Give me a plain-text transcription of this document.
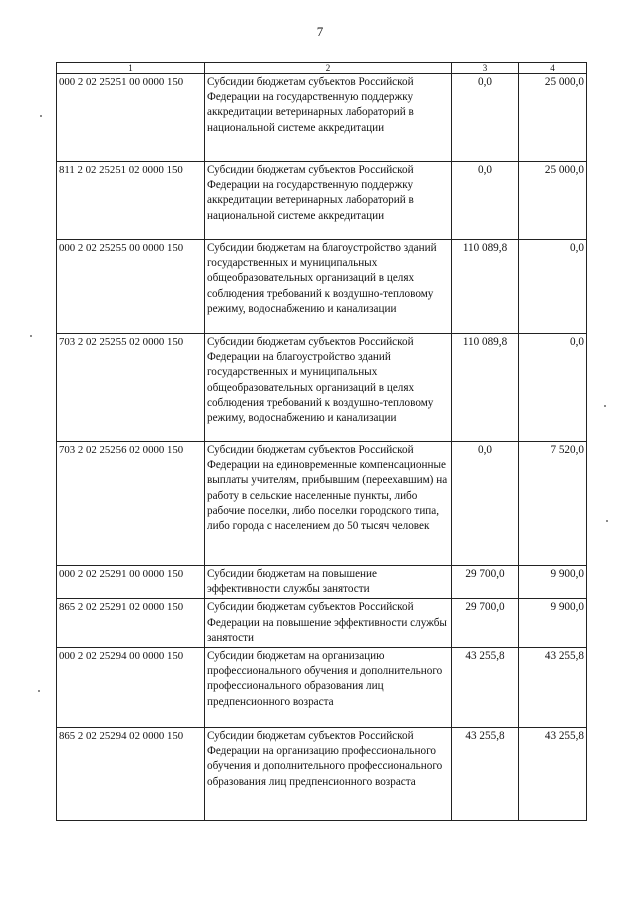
7
1	2	3	4
000 2 02 25251 00 0000 150	Субсидии бюджетам субъектов Российской Федерации на государственную поддержку аккредитации ветеринарных лабораторий в национальной системе аккредитации	0,0	25 000,0
811 2 02 25251 02 0000 150	Субсидии бюджетам субъектов Российской Федерации на государственную поддержку аккредитации ветеринарных лабораторий в национальной системе аккредитации	0,0	25 000,0
000 2 02 25255 00 0000 150	Субсидии бюджетам на благоустройство зданий государственных и муниципальных общеобразовательных организаций в целях соблюдения требований к воздушно-тепловому режиму, водоснабжению и канализации	110 089,8	0,0
703 2 02 25255 02 0000 150	Субсидии бюджетам субъектов Российской Федерации на благоустройство зданий государственных и муниципальных общеобразовательных организаций в целях соблюдения требований к воздушно-тепловому режиму, водоснабжению и канализации	110 089,8	0,0
703 2 02 25256 02 0000 150	Субсидии бюджетам субъектов Российской Федерации на единовременные компенсационные выплаты учителям, прибывшим (переехавшим) на работу в сельские населенные пункты, либо рабочие поселки, либо поселки городского типа, либо города с населением до 50 тысяч человек	0,0	7 520,0
000 2 02 25291 00 0000 150	Субсидии бюджетам на повышение эффективности службы занятости	29 700,0	9 900,0
865 2 02 25291 02 0000 150	Субсидии бюджетам субъектов Российской Федерации на повышение эффективности службы занятости	29 700,0	9 900,0
000 2 02 25294 00 0000 150	Субсидии бюджетам на организацию профессионального обучения и дополнительного профессионального образования лиц предпенсионного возраста	43 255,8	43 255,8
865 2 02 25294 02 0000 150	Субсидии бюджетам субъектов Российской Федерации на организацию профессионального обучения и дополнительного профессионального образования лиц предпенсионного возраста	43 255,8	43 255,8
